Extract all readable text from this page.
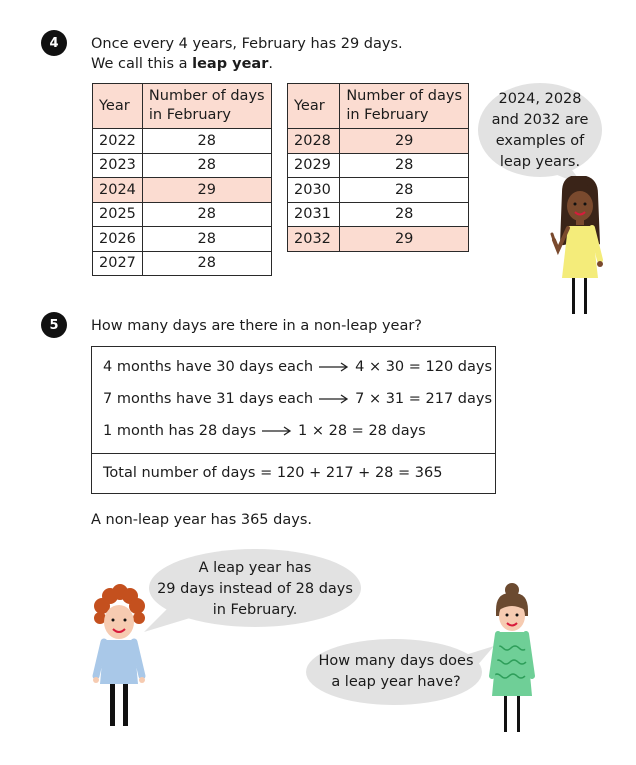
4	Once every 4 years, February has 29 days.
We call this a leap year.
Year	Number of days
in February
2022	28
2023	28
2024	29
2025	28
2026	28
2027	28
Year	Number of days
in February
2028	29
2029	28
2030	28
2031	28
2032	29
2024, 2028
and 2032 are
examples of
leap years.
5	How many days are there in a non-leap year?
4 months have 30 days each	4 × 30 = 120 days
7 months have 31 days each	7 × 31 = 217 days
1 month has 28 days	1 × 28 = 28 days
Total number of days = 120 + 217 + 28 = 365
A non-leap year has 365 days.
A leap year has
29 days instead of 28 days
in February.
How many days does
a leap year have?
